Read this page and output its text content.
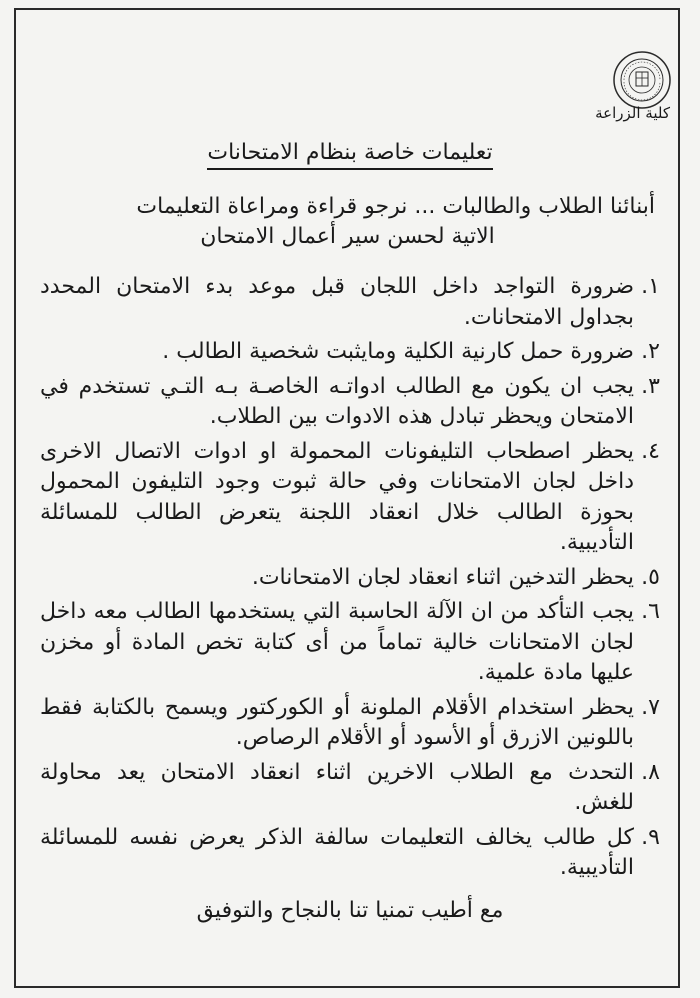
كلية الزراعة
تعليمات خاصة بنظام الامتحانات
أبنائنا الطلاب والطالبات ... نرجو قراءة ومراعاة التعليمات
الاتية لحسن سير أعمال الامتحان
١.
ضرورة التواجد داخل اللجان قبل موعد بدء الامتحان المحدد بجداول الامتحانات.
٢.
ضرورة حمل كارنية الكلية ومايثبت شخصية الطالب .
٣.
يجب ان يكون مع الطالب ادواتـه الخاصـة بـه التـي تستخدم في الامتحان ويحظر تبادل هذه الادوات بين الطلاب.
٤.
يحظر اصطحاب التليفونات المحمولة او ادوات الاتصال الاخرى داخل لجان الامتحانات وفي حالة ثبوت وجود التليفون المحمول بحوزة الطالب خلال انعقاد اللجنة يتعرض الطالب للمسائلة التأديبية.
٥.
يحظر التدخين اثناء انعقاد لجان الامتحانات.
٦.
يجب التأكد من ان الآلة الحاسبة التي يستخدمها الطالب معه داخل لجان الامتحانات خالية تماماً من أى كتابة تخص المادة أو مخزن عليها مادة علمية.
٧.
يحظر استخدام الأقلام الملونة أو الكوركتور ويسمح بالكتابة فقط باللونين الازرق أو الأسود أو الأقلام الرصاص.
٨.
التحدث مع الطلاب الاخرين اثناء انعقاد الامتحان يعد محاولة للغش.
٩.
كل طالب يخالف التعليمات سالفة الذكر يعرض نفسه للمسائلة التأديبية.
مع أطيب تمنيا تنا بالنجاح والتوفيق
